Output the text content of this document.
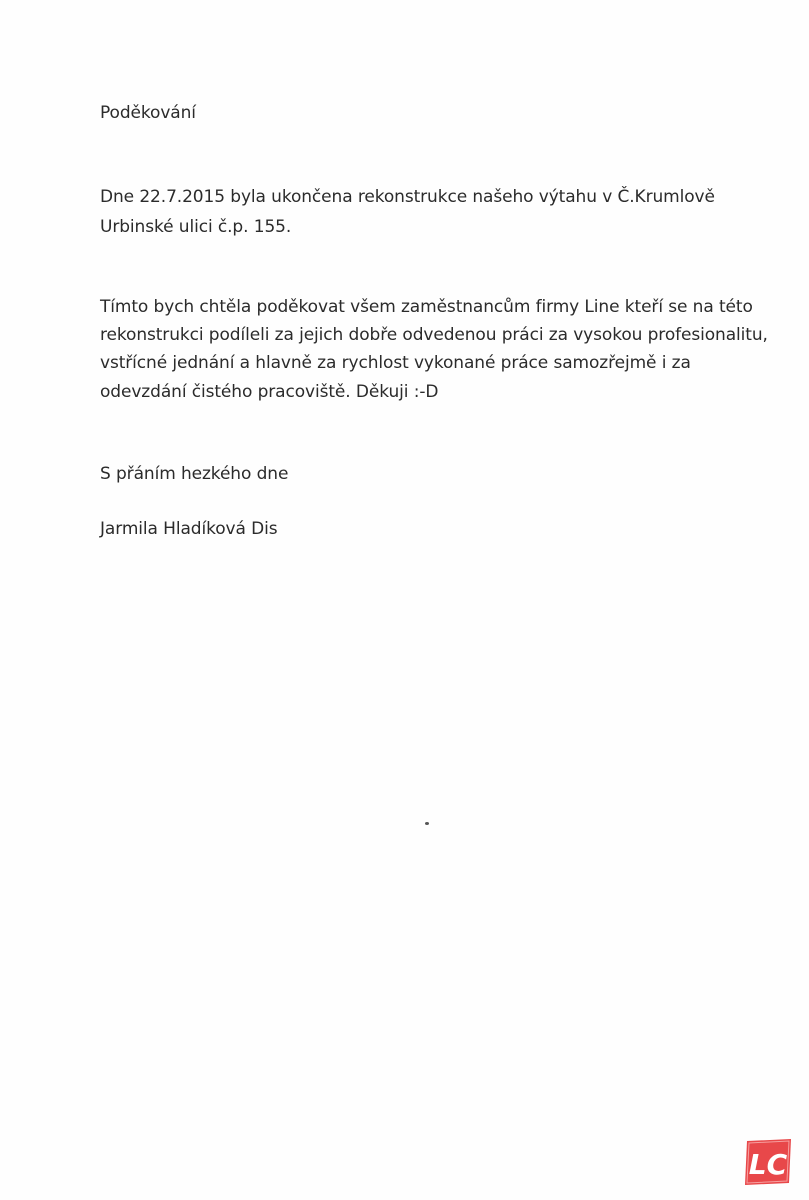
Poděkování
Dne 22.7.2015 byla ukončena rekonstrukce našeho výtahu v Č.Krumlově
Urbinské ulici č.p. 155.
Tímto bych chtěla poděkovat všem zaměstnancům firmy Line kteří se na této
rekonstrukci podíleli za jejich dobře odvedenou práci za vysokou profesionalitu,
vstřícné jednání a hlavně za rychlost vykonané práce samozřejmě i za
odevzdání čistého pracoviště. Děkuji :-D
S přáním hezkého dne
Jarmila Hladíková Dis
LC
